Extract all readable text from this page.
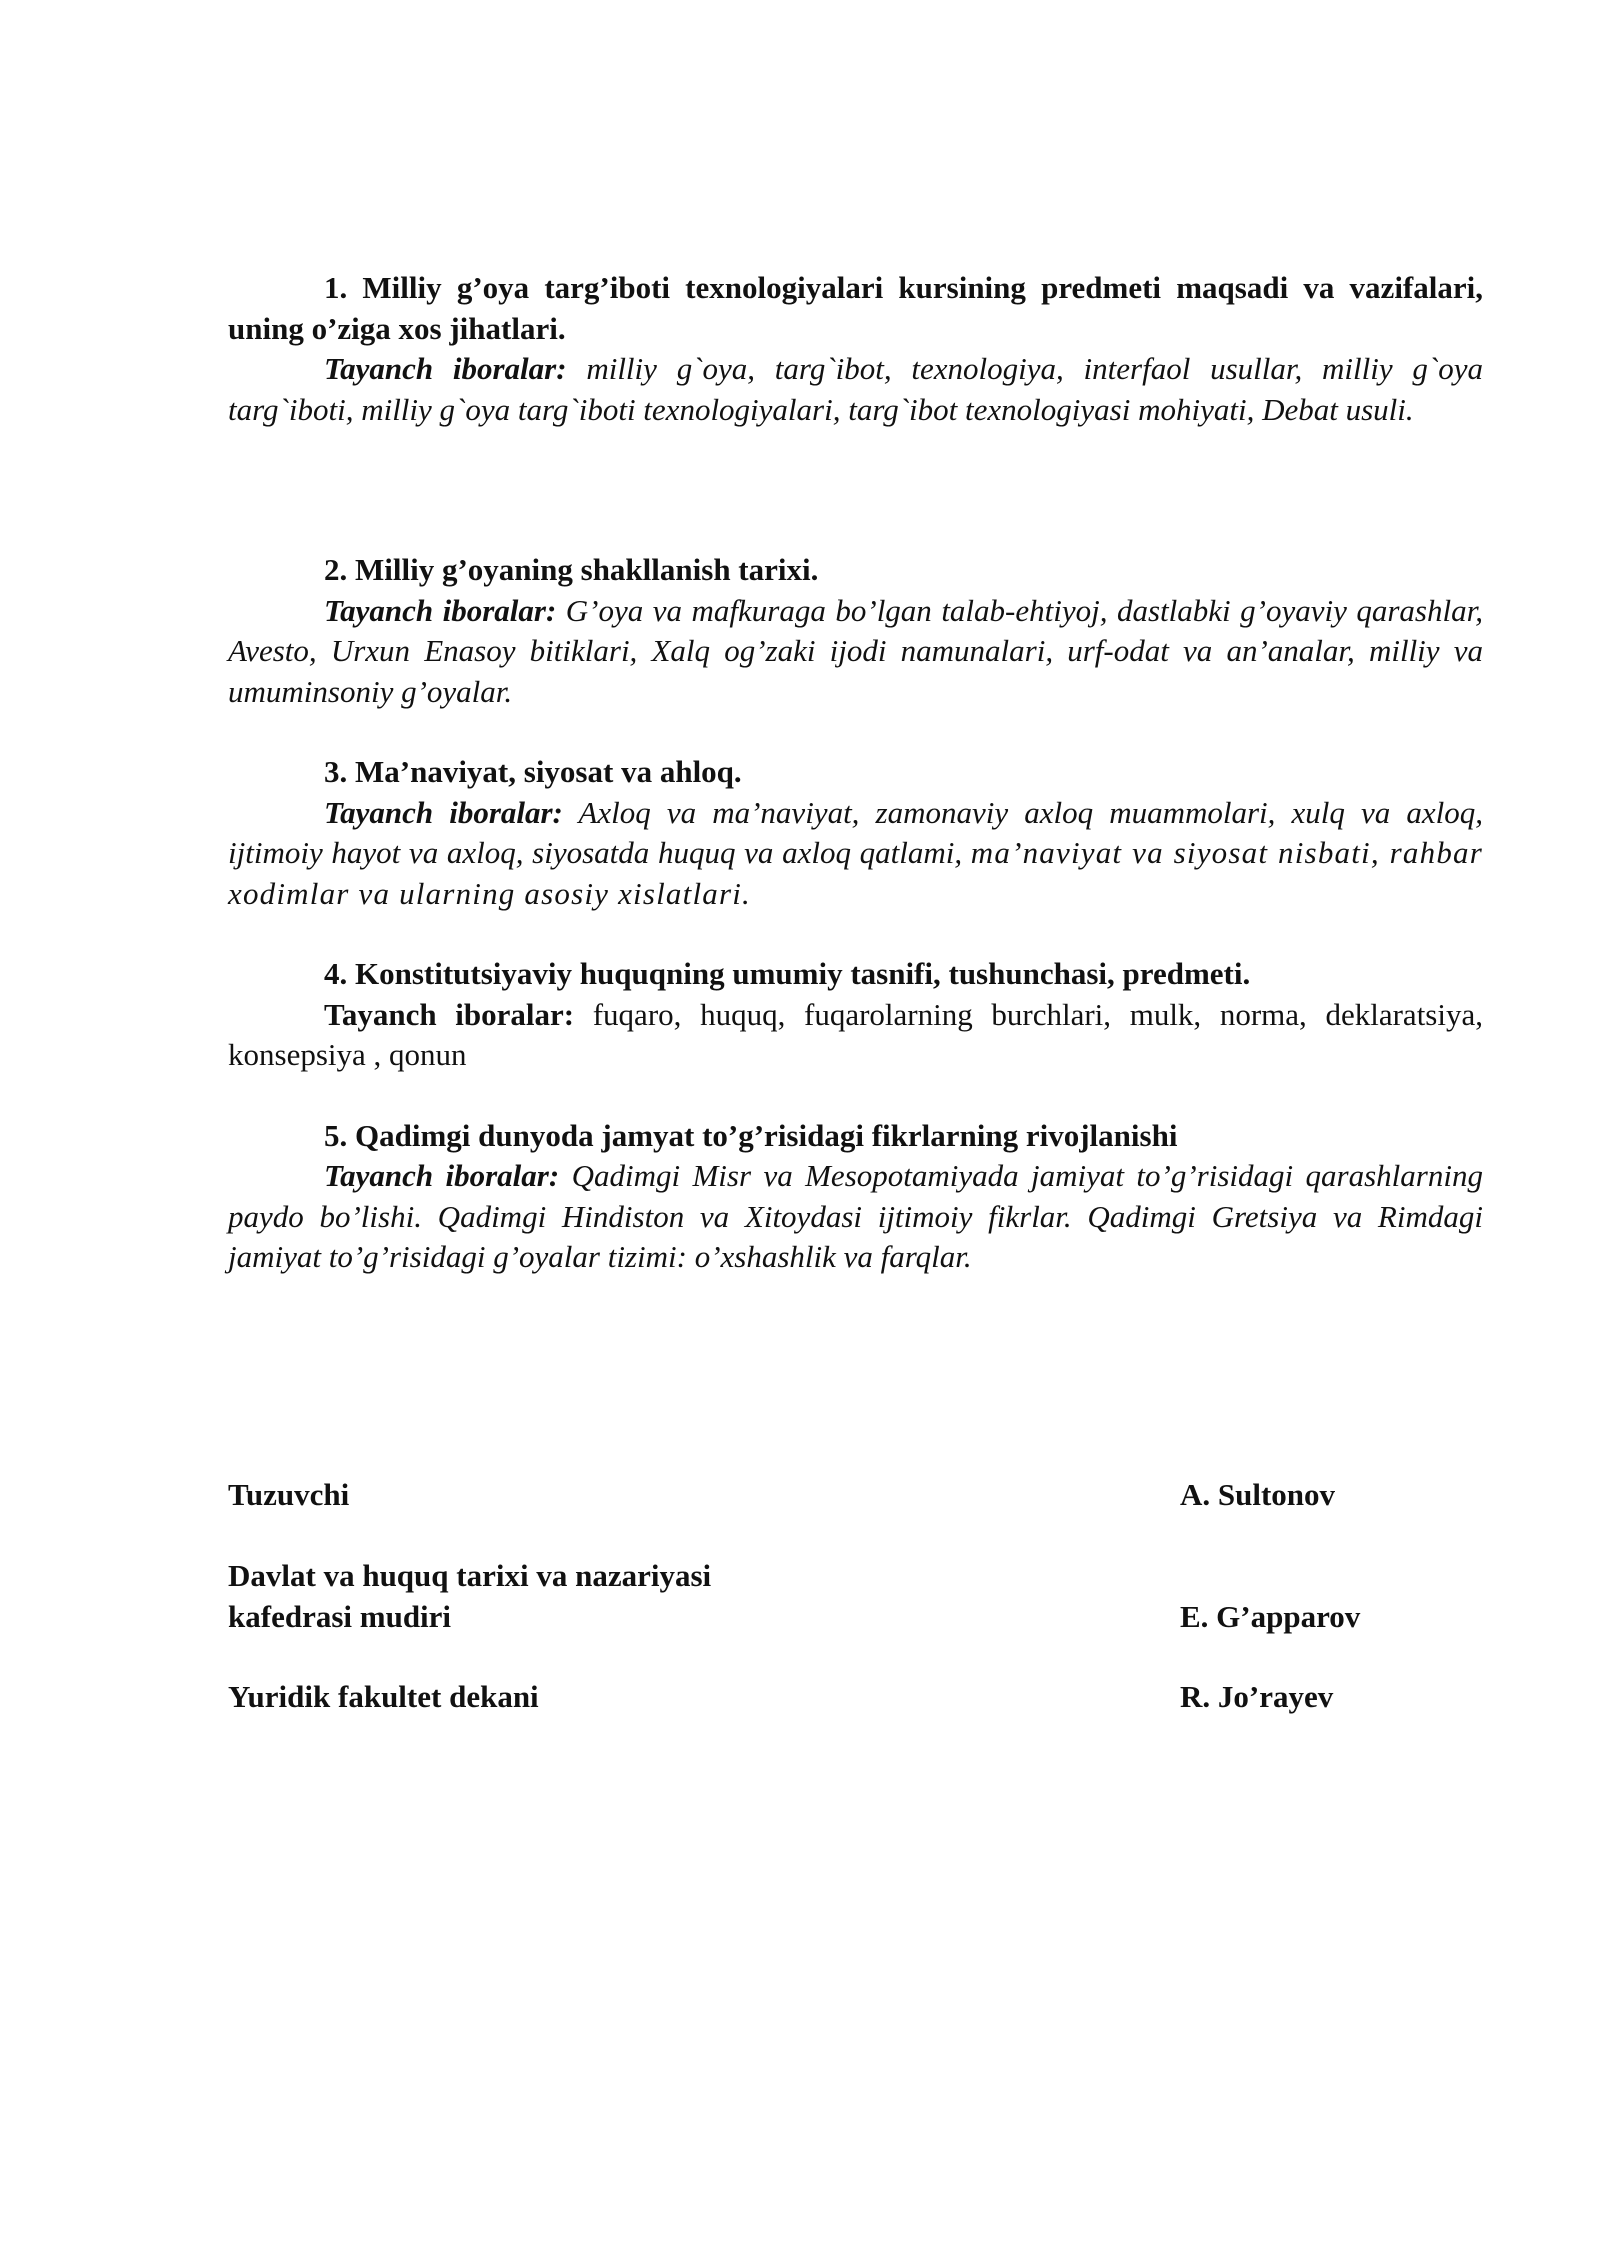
1. Milliy g’oya targ’iboti texnologiyalari kursining predmeti maqsadi va vazifalari, uning o’ziga xos jihatlari.

Tayanch iboralar: milliy g`oya, targ`ibot, texnologiya, interfaol usullar, milliy g`oya targ`iboti, milliy g`oya targ`iboti texnologiyalari, targ`ibot texnologiyasi mohiyati, Debat usuli.

2. Milliy g’oyaning shakllanish tarixi.

Tayanch iboralar: G’oya va mafkuraga bo’lgan talab-ehtiyoj, dastlabki g’oyaviy qarashlar, Avesto, Urxun Enasoy bitiklari, Xalq og’zaki ijodi namunalari, urf-odat va an’analar, milliy va umuminsoniy g’oyalar.

3. Ma’naviyat, siyosat va ahloq.

Tayanch iboralar: Axloq va ma’naviyat, zamonaviy axloq muammolari, xulq va axloq, ijtimoiy hayot va axloq, siyosatda huquq va axloq qatlami, ma’naviyat va siyosat nisbati, rahbar xodimlar va ularning asosiy xislatlari.

4. Konstitutsiyaviy huquqning umumiy tasnifi, tushunchasi, predmeti.

Tayanch iboralar: fuqaro, huquq, fuqarolarning burchlari, mulk, norma, deklaratsiya, konsepsiya , qonun

5. Qadimgi dunyoda jamyat to’g’risidagi fikrlarning rivojlanishi

Tayanch iboralar: Qadimgi Misr va Mesopotamiyada jamiyat to’g’risidagi qarashlarning paydo bo’lishi. Qadimgi Hindiston va Xitoydasi ijtimoiy fikrlar. Qadimgi Gretsiya va Rimdagi jamiyat to’g’risidagi g’oyalar tizimi: o’xshashlik va farqlar.

Tuzuvchi	A. Sultonov
Davlat va huquq tarixi va nazariyasi
kafedrasi mudiri	E. G’apparov
Yuridik fakultet dekani	R. Jo’rayev
